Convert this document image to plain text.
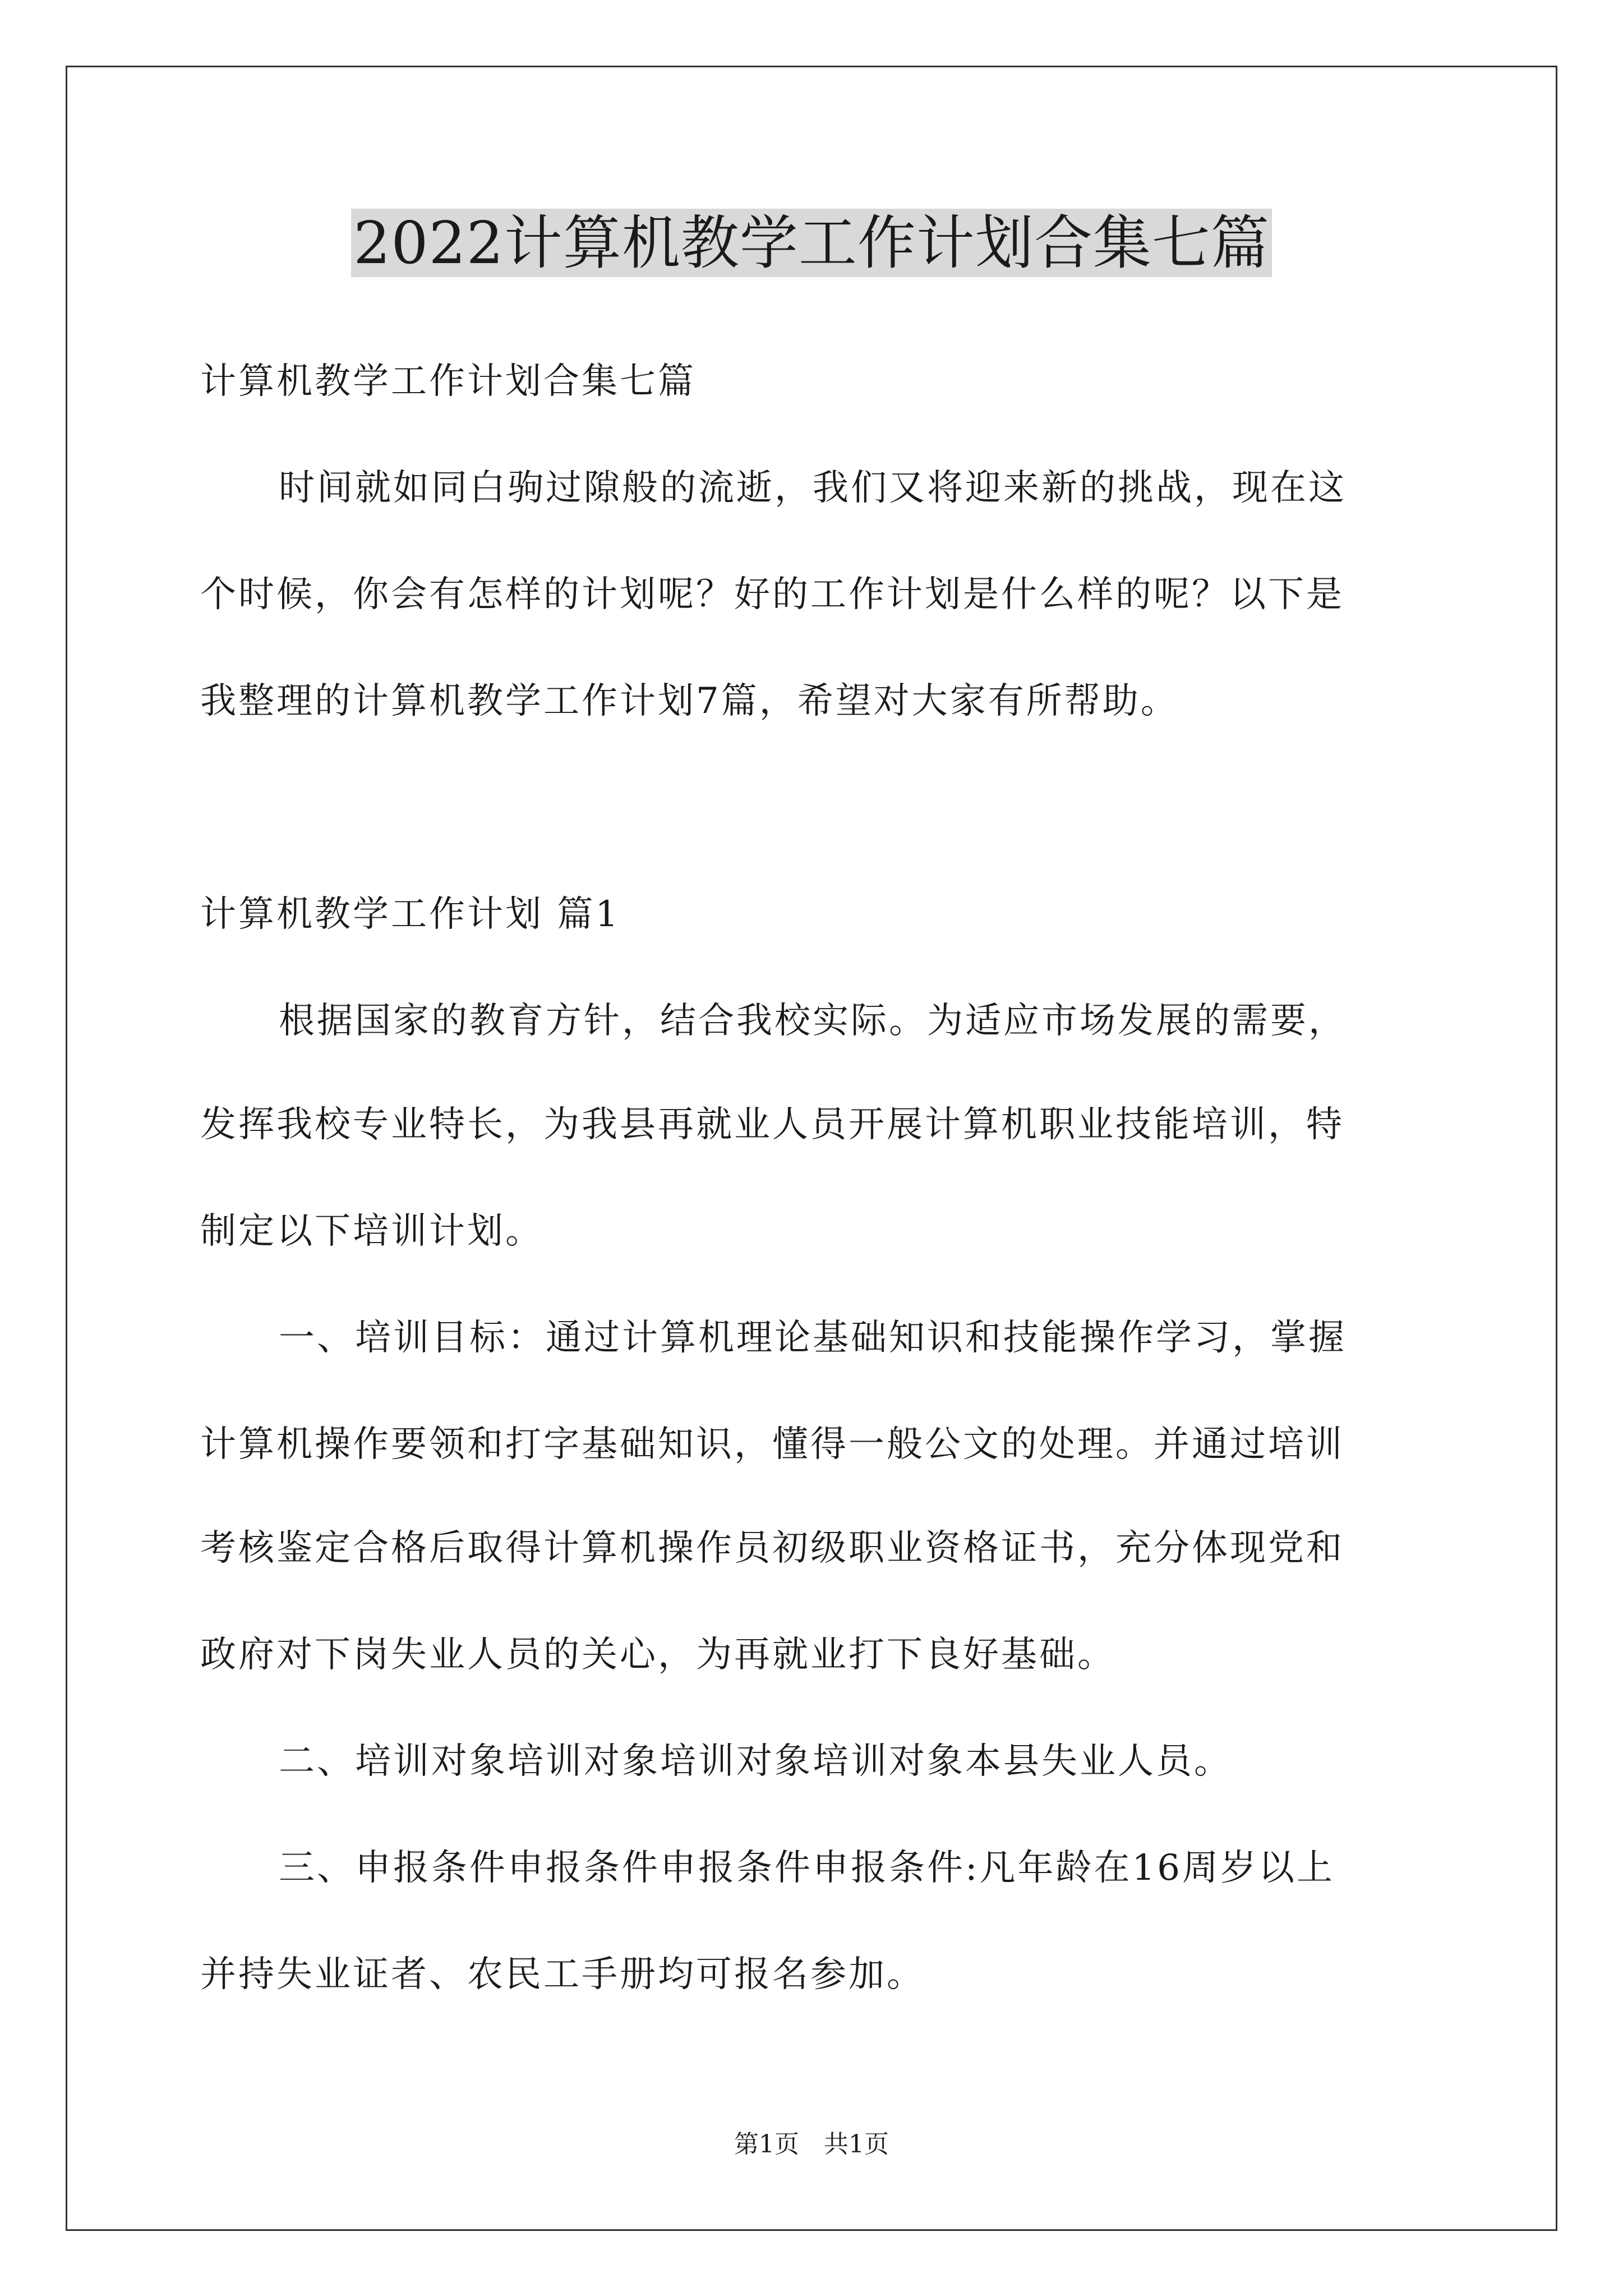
2022计算机教学工作计划合集七篇
计算机教学工作计划合集七篇
时间就如同白驹过隙般的流逝，我们又将迎来新的挑战，现在这
个时候，你会有怎样的计划呢？好的工作计划是什么样的呢？以下是
我整理的计算机教学工作计划7篇，希望对大家有所帮助。
计算机教学工作计划 篇1
根据国家的教育方针，结合我校实际。为适应市场发展的需要，
发挥我校专业特长，为我县再就业人员开展计算机职业技能培训，特
制定以下培训计划。
一、培训目标：通过计算机理论基础知识和技能操作学习，掌握
计算机操作要领和打字基础知识，懂得一般公文的处理。并通过培训
考核鉴定合格后取得计算机操作员初级职业资格证书，充分体现党和
政府对下岗失业人员的关心，为再就业打下良好基础。
二、培训对象培训对象培训对象培训对象本县失业人员。
三、申报条件申报条件申报条件申报条件:凡年龄在16周岁以上
并持失业证者、农民工手册均可报名参加。
第1页　共1页
